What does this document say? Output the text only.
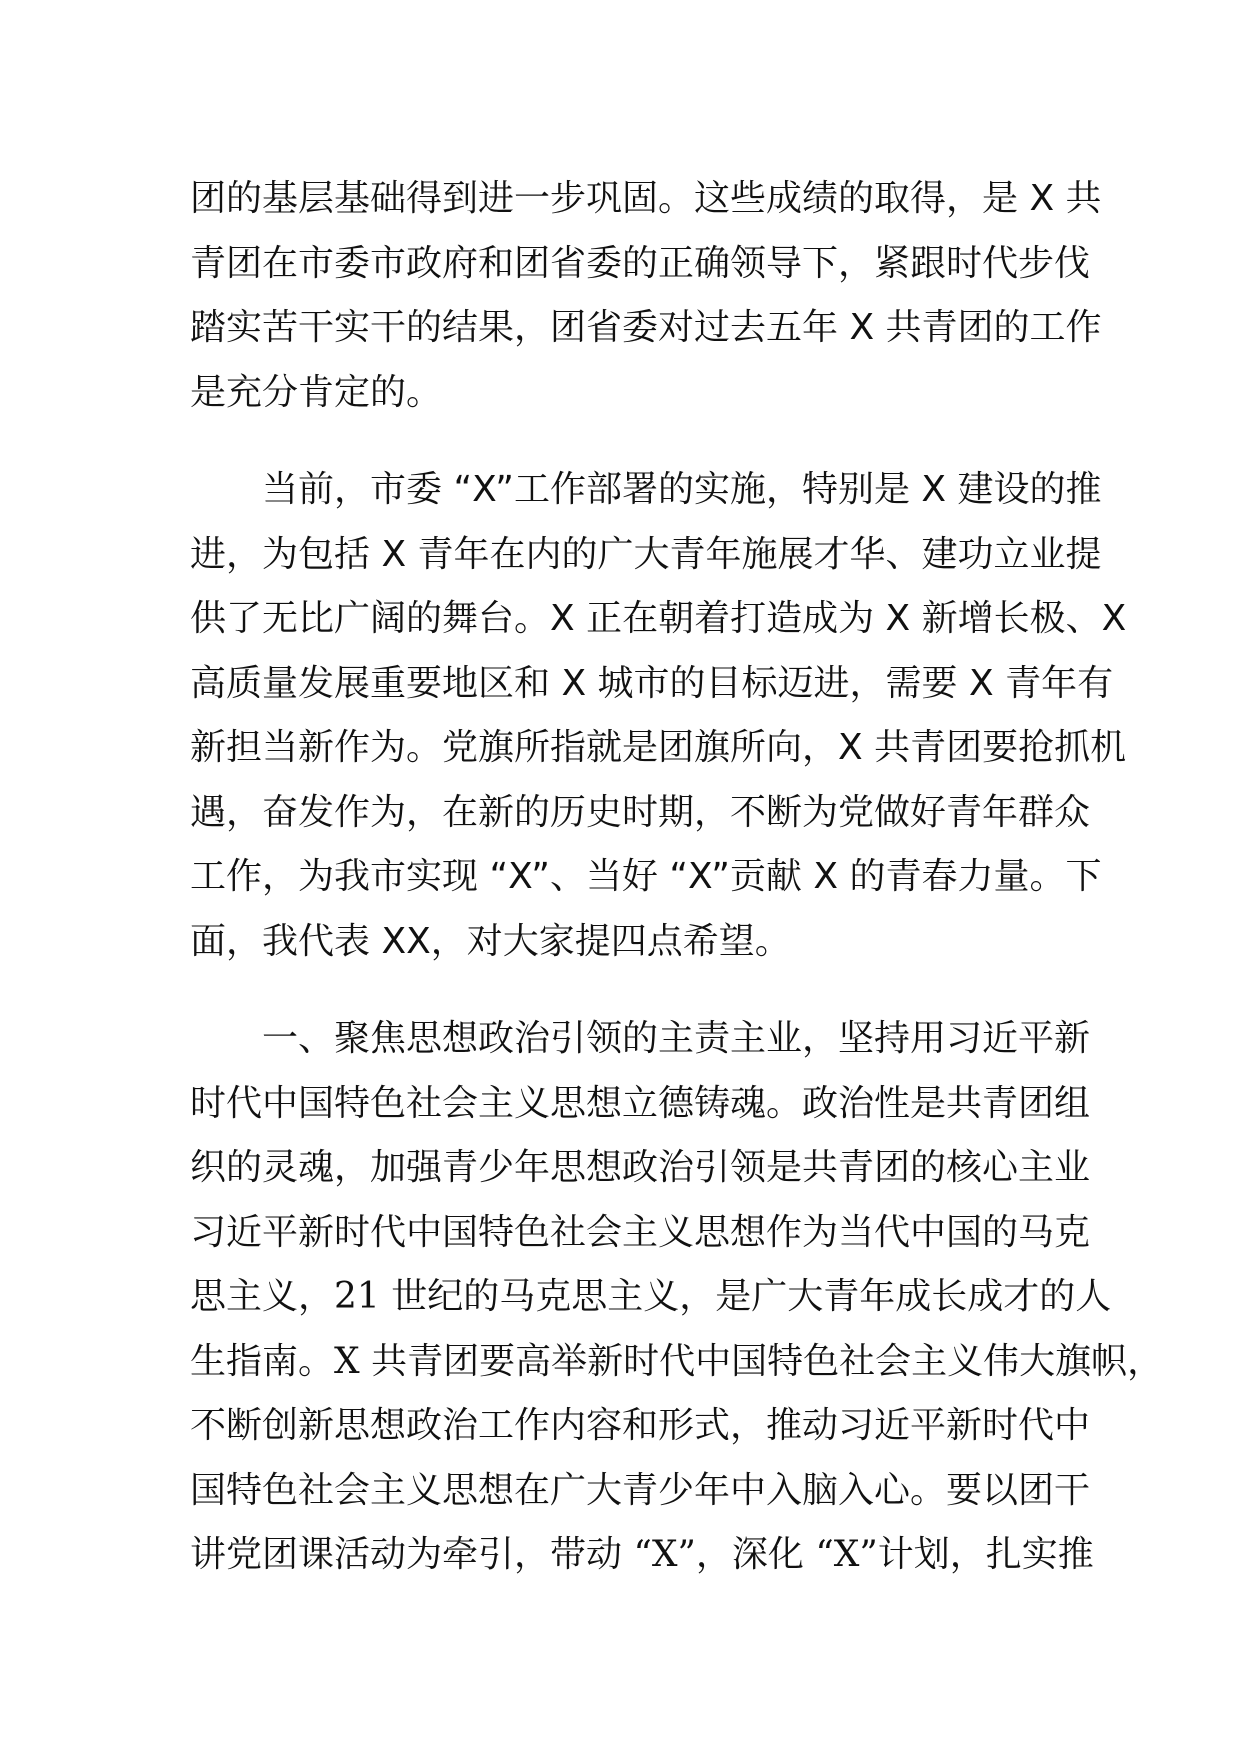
团的基层基础得到进一步巩固。这些成绩的取得，是 X 共
青团在市委市政府和团省委的正确领导下，紧跟时代步伐
踏实苦干实干的结果，团省委对过去五年 X 共青团的工作
是充分肯定的。
当前，市委 “X”工作部署的实施，特别是 X 建设的推
进，为包括 X 青年在内的广大青年施展才华、建功立业提
供了无比广阔的舞台。X 正在朝着打造成为 X 新增长极、X
高质量发展重要地区和 X 城市的目标迈进，需要 X 青年有
新担当新作为。党旗所指就是团旗所向，X 共青团要抢抓机
遇，奋发作为，在新的历史时期，不断为党做好青年群众
工作，为我市实现 “X”、当好 “X”贡献 X 的青春力量。下
面，我代表 XX，对大家提四点希望。
一、聚焦思想政治引领的主责主业，坚持用习近平新
时代中国特色社会主义思想立德铸魂。政治性是共青团组
织的灵魂，加强青少年思想政治引领是共青团的核心主业
习近平新时代中国特色社会主义思想作为当代中国的马克
思主义，21 世纪的马克思主义，是广大青年成长成才的人
生指南。X 共青团要高举新时代中国特色社会主义伟大旗帜，
不断创新思想政治工作内容和形式，推动习近平新时代中
国特色社会主义思想在广大青少年中入脑入心。要以团干
讲党团课活动为牵引，带动 “X”，深化 “X”计划，扎实推
